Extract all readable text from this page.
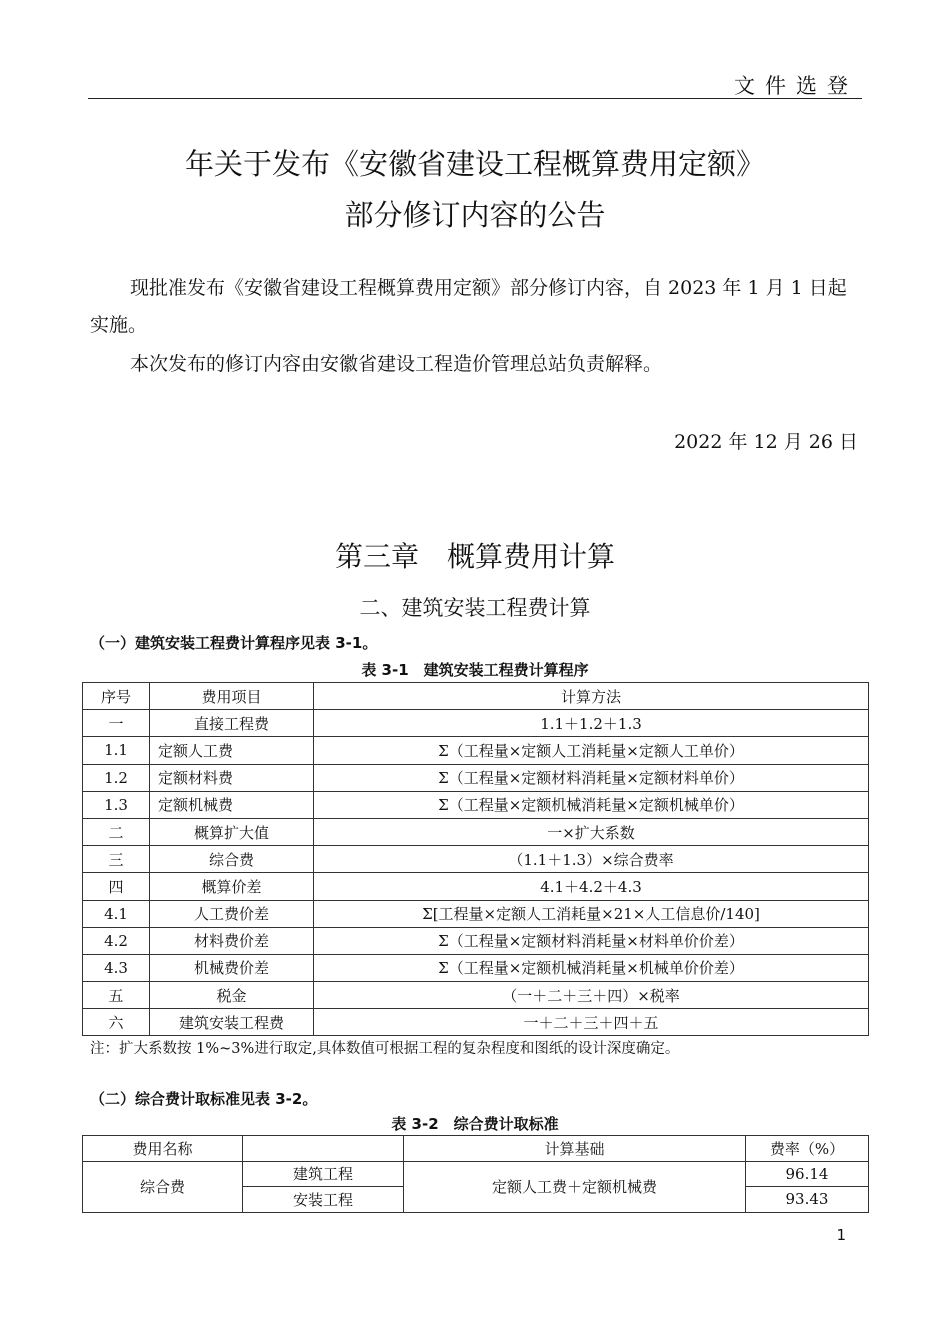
文件选登
年关于发布《安徽省建设工程概算费用定额》
部分修订内容的公告

现批准发布《安徽省建设工程概算费用定额》部分修订内容，自 2023 年 1 月 1 日起实施。

本次发布的修订内容由安徽省建设工程造价管理总站负责解释。

2022 年 12 月 26 日
第三章　概算费用计算
二、建筑安装工程费计算
（一）建筑安装工程费计算程序见表 3-1。
表 3-1　建筑安装工程费计算程序
序号	费用项目	计算方法
一	直接工程费	1.1＋1.2＋1.3
1.1	定额人工费	Σ（工程量×定额人工消耗量×定额人工单价）
1.2	定额材料费	Σ（工程量×定额材料消耗量×定额材料单价）
1.3	定额机械费	Σ（工程量×定额机械消耗量×定额机械单价）
二	概算扩大值	一×扩大系数
三	综合费	（1.1＋1.3）×综合费率
四	概算价差	4.1＋4.2＋4.3
4.1	人工费价差	Σ[工程量×定额人工消耗量×21×人工信息价/140]
4.2	材料费价差	Σ（工程量×定额材料消耗量×材料单价价差）
4.3	机械费价差	Σ（工程量×定额机械消耗量×机械单价价差）
五	税金	（一＋二＋三＋四）×税率
六	建筑安装工程费	一＋二＋三＋四＋五
注：扩大系数按 1%~3%进行取定,具体数值可根据工程的复杂程度和图纸的设计深度确定。
（二）综合费计取标准见表 3-2。
表 3-2　综合费计取标准
费用名称		计算基础	费率（%）
综合费	建筑工程	定额人工费＋定额机械费	96.14
	安装工程		93.43
1
